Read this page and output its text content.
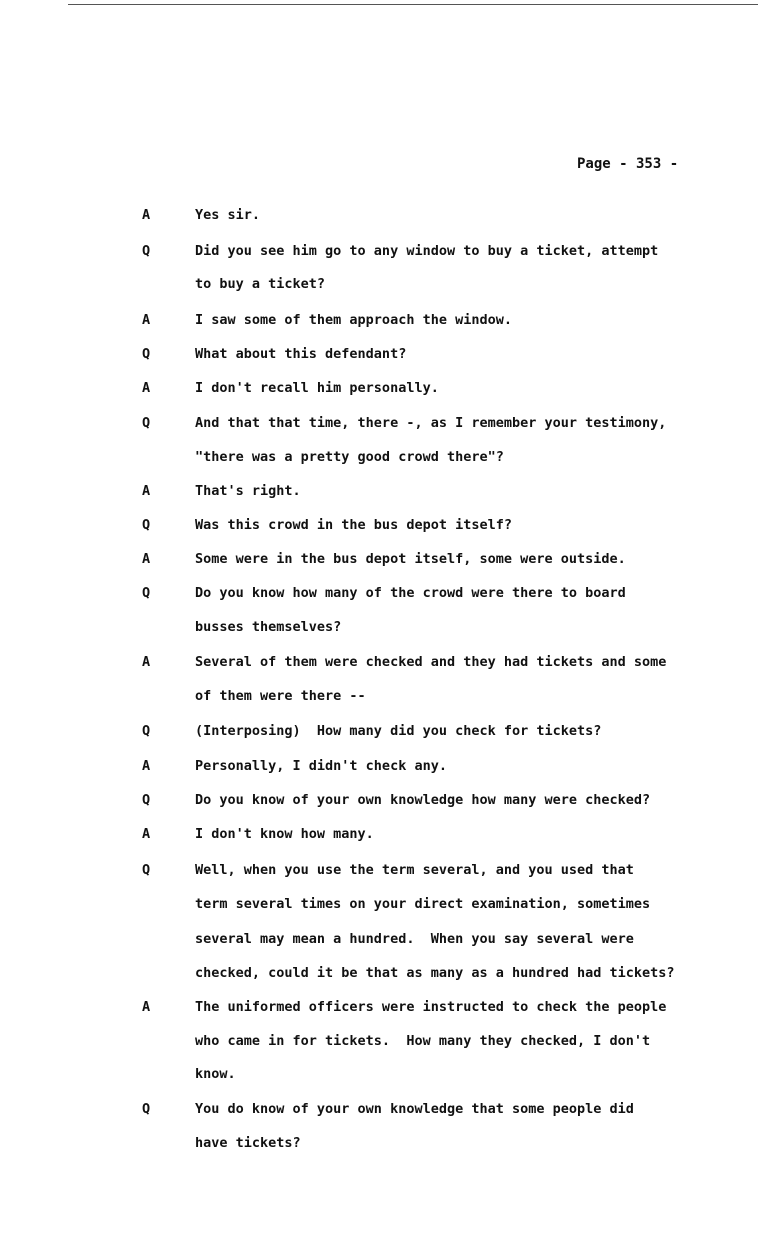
Page - 353 -

A

	Yes sir.

Q

	Did you see him go to any window to buy a ticket, attempt

to buy a ticket?

A

	I saw some of them approach the window.

Q

	What about this defendant?

A

	I don't recall him personally.

Q

	And that that time, there -, as I remember your testimony,

"there was a pretty good crowd there"?

A

	That's right.

Q

	Was this crowd in the bus depot itself?

A

	Some were in the bus depot itself, some were outside.

Q

	Do you know how many of the crowd were there to board

busses themselves?

A

	Several of them were checked and they had tickets and some

of them were there --

Q

	(Interposing)  How many did you check for tickets?

A

	Personally, I didn't check any.

Q

	Do you know of your own knowledge how many were checked?

A

	I don't know how many.

Q

	Well, when you use the term several, and you used that

term several times on your direct examination, sometimes

several may mean a hundred.  When you say several were

checked, could it be that as many as a hundred had tickets?

A

	The uniformed officers were instructed to check the people

who came in for tickets.  How many they checked, I don't

know.

Q

	You do know of your own knowledge that some people did

have tickets?
